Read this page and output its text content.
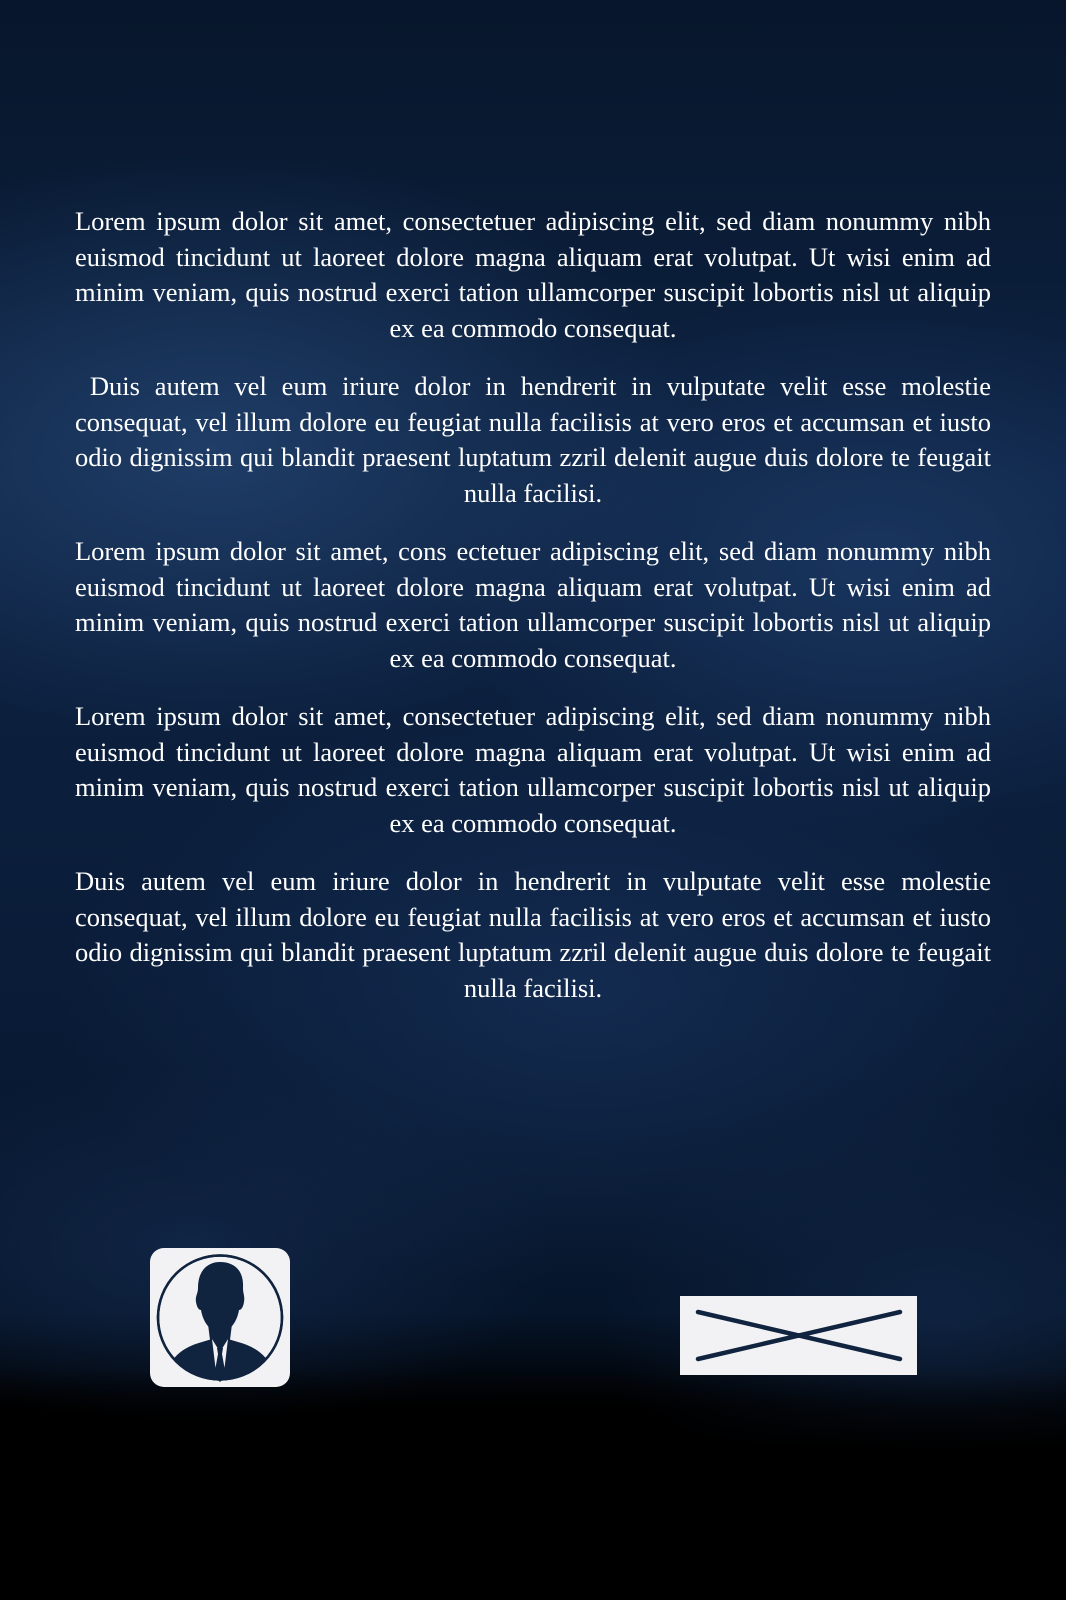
Lorem ipsum dolor sit amet, consectetuer adipiscing elit, sed diam nonummy nibh euismod tincidunt ut laoreet dolore magna aliquam erat volutpat. Ut wisi enim ad minim veniam, quis nostrud exerci tation ullamcorper suscipit lobortis nisl ut aliquip ex ea commodo consequat.

Duis autem vel eum iriure dolor in hendrerit in vulputate velit esse molestie consequat, vel illum dolore eu feugiat nulla facilisis at vero eros et accumsan et iusto odio dignissim qui blandit praesent luptatum zzril delenit augue duis dolore te feugait nulla facilisi.

Lorem ipsum dolor sit amet, cons ectetuer adipiscing elit, sed diam nonummy nibh euismod tincidunt ut laoreet dolore magna aliquam erat volutpat. Ut wisi enim ad minim veniam, quis nostrud exerci tation ullamcorper suscipit lobortis nisl ut aliquip ex ea commodo consequat.

Lorem ipsum dolor sit amet, consectetuer adipiscing elit, sed diam nonummy nibh euismod tincidunt ut laoreet dolore magna aliquam erat volutpat. Ut wisi enim ad minim veniam, quis nostrud exerci tation ullamcorper suscipit lobortis nisl ut aliquip ex ea commodo consequat.

Duis autem vel eum iriure dolor in hendrerit in vulputate velit esse molestie consequat, vel illum dolore eu feugiat nulla facilisis at vero eros et accumsan et iusto odio dignissim qui blandit praesent luptatum zzril delenit augue duis dolore te feugait nulla facilisi.
